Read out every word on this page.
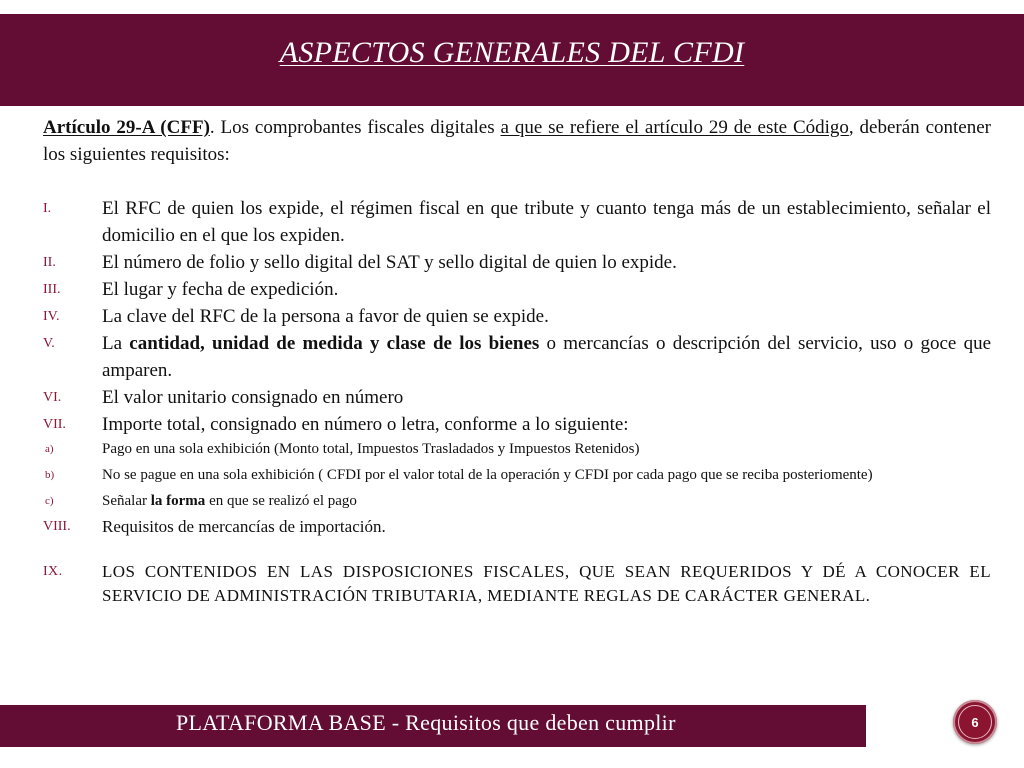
ASPECTOS GENERALES DEL CFDI

Artículo 29-A (CFF). Los comprobantes fiscales digitales a que se refiere el artículo 29 de este Código, deberán contener los siguientes requisitos:

I.	El RFC de quien los expide, el régimen fiscal en que tribute y cuanto tenga más de un establecimiento, señalar el domicilio en el que los expiden.
II.	El número de folio y sello digital del SAT y sello digital de quien lo expide.
III.	El lugar y fecha de expedición.
IV.	La clave del RFC de la persona a favor de quien se expide.
V.	La cantidad, unidad de medida y clase de los bienes o mercancías o descripción del servicio, uso o goce que amparen.
VI.	El valor unitario consignado en número
VII.	Importe total, consignado en número o letra, conforme a lo siguiente:
a)	Pago en una sola exhibición (Monto total, Impuestos Trasladados y Impuestos Retenidos)
b)	No se pague en una sola exhibición ( CFDI por el valor total de la operación y CFDI por cada pago que se reciba posteriomente)
c)	Señalar la forma en que se realizó el pago
VIII.	Requisitos de mercancías de importación.
IX.	LOS CONTENIDOS EN LAS DISPOSICIONES FISCALES, QUE SEAN REQUERIDOS Y DÉ A CONOCER EL SERVICIO DE ADMINISTRACIÓN TRIBUTARIA, MEDIANTE REGLAS DE CARÁCTER GENERAL.
PLATAFORMA BASE - Requisitos que deben cumplir	6
